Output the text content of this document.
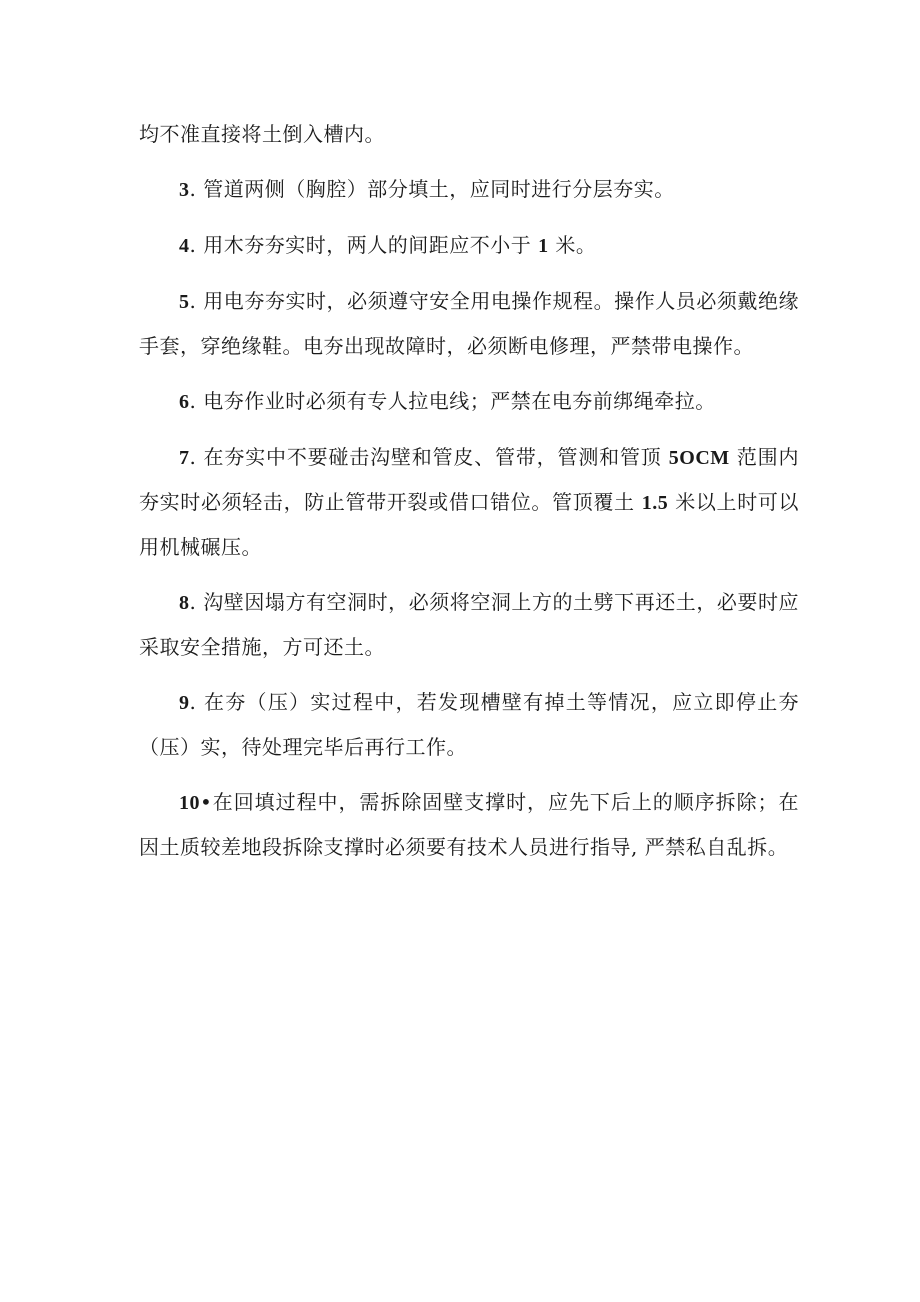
均不准直接将土倒入槽内。

3. 管道两侧（胸腔）部分填土，应同时进行分层夯实。

4. 用木夯夯实时，两人的间距应不小于 1 米。

5. 用电夯夯实时，必须遵守安全用电操作规程。操作人员必须戴绝缘手套，穿绝缘鞋。电夯出现故障时，必须断电修理，严禁带电操作。

6. 电夯作业时必须有专人拉电线；严禁在电夯前绑绳牵拉。

7. 在夯实中不要碰击沟壁和管皮、管带，管测和管顶 5OCM 范围内夯实时必须轻击，防止管带开裂或借口错位。管顶覆土 1.5 米以上时可以用机械碾压。

8. 沟壁因塌方有空洞时，必须将空洞上方的土劈下再还土，必要时应采取安全措施，方可还土。

9. 在夯（压）实过程中，若发现槽壁有掉土等情况，应立即停止夯（压）实，待处理完毕后再行工作。

10•在回填过程中，需拆除固壁支撑时，应先下后上的顺序拆除；在因土质较差地段拆除支撑时必须要有技术人员进行指导, 严禁私自乱拆。
